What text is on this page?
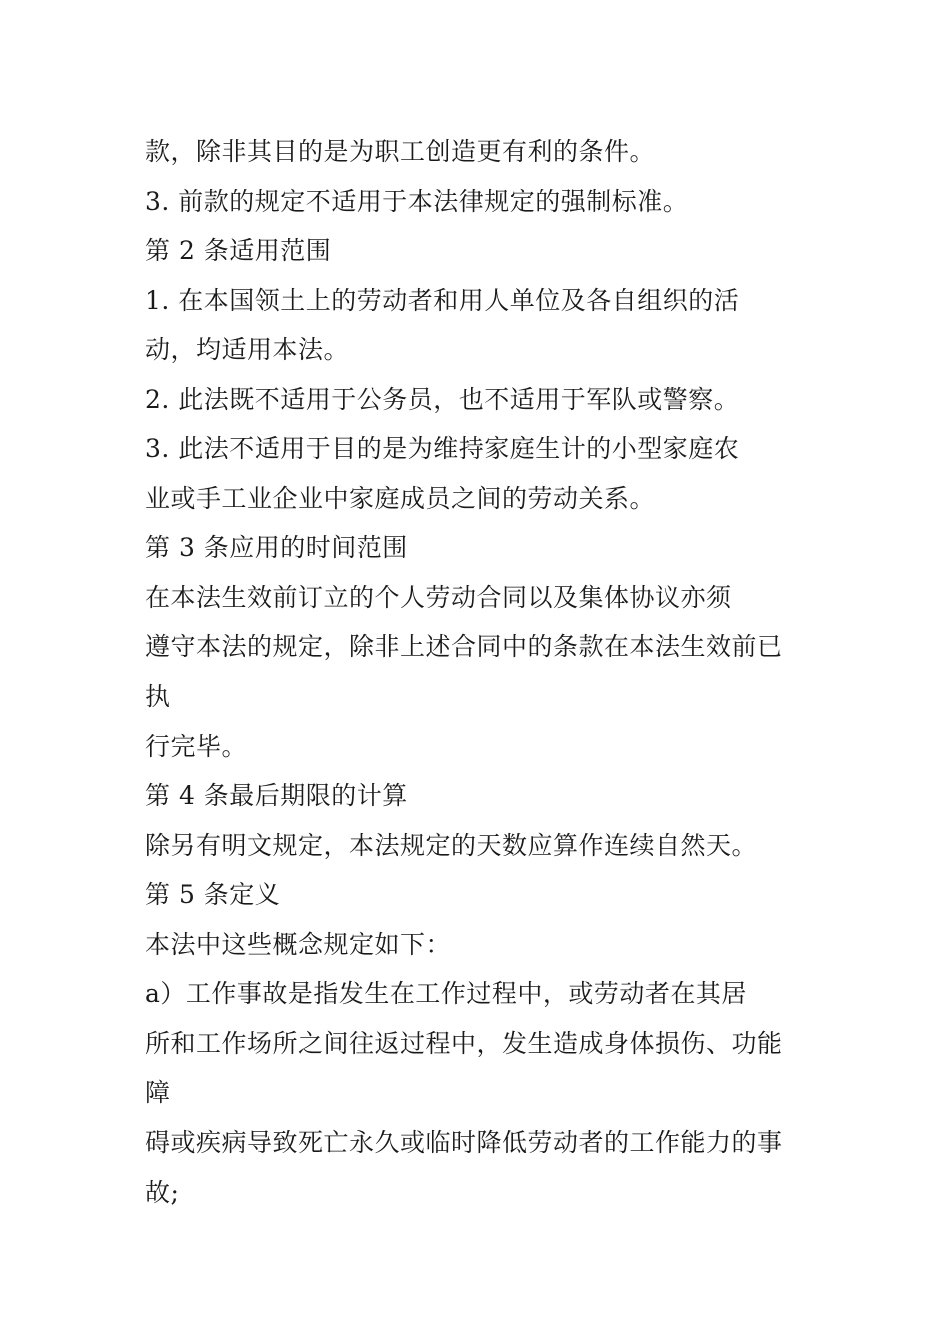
款，除非其目的是为职工创造更有利的条件。
3. 前款的规定不适用于本法律规定的强制标准。
第 2 条适用范围
1. 在本国领土上的劳动者和用人单位及各自组织的活
动，均适用本法。
2. 此法既不适用于公务员，也不适用于军队或警察。
3. 此法不适用于目的是为维持家庭生计的小型家庭农
业或手工业企业中家庭成员之间的劳动关系。
第 3 条应用的时间范围
在本法生效前订立的个人劳动合同以及集体协议亦须
遵守本法的规定，除非上述合同中的条款在本法生效前已
执
行完毕。
第 4 条最后期限的计算
除另有明文规定，本法规定的天数应算作连续自然天。
第 5 条定义
本法中这些概念规定如下：
a）工作事故是指发生在工作过程中，或劳动者在其居
所和工作场所之间往返过程中，发生造成身体损伤、功能
障
碍或疾病导致死亡永久或临时降低劳动者的工作能力的事
故;
